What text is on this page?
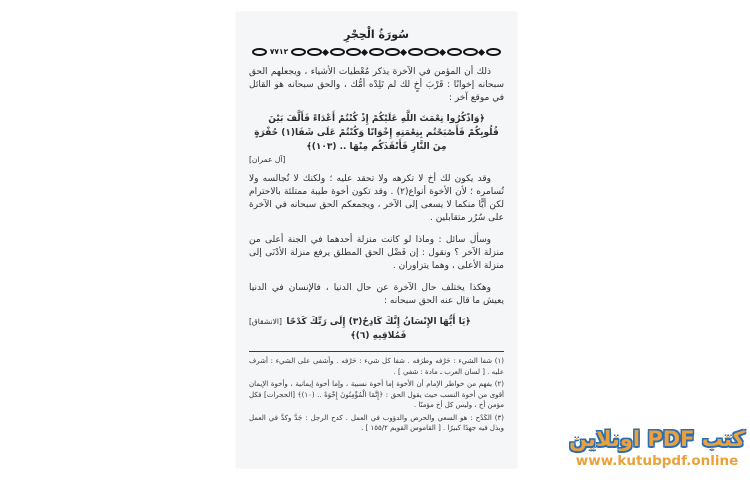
سُورَةُ الْحِجْرِ
٧٧١٢
ذلك أن المؤمن في الآخرة يذكر مُعْطيات الأشياء ، ويجعلهم الحق سبحانه إخوانًا : قَرْبَ أخٍ لك لم تَلِدْه أمُّك ، والحق سبحانه هو القائل في موقع آخر :
﴿وَاذْكُرُوا نِعْمَتَ اللَّهِ عَلَيْكُمْ إِذْ كُنْتُمْ أَعْدَاءً فَأَلَّفَ بَيْنَ قُلُوبِكُمْ فَأَصْبَحْتُم بِنِعْمَتِهِ إِخْوَانًا وَكُنْتُمْ عَلَى شَفَا(١) حُفْرَةٍ مِنَ النَّارِ فَأَنْقَذَكُم مِنْهَا .. (١٠٣)﴾
[آل عمران]
وقد يكون لك أخ لا تكرهه ولا تحقد عليه ؛ ولكنك لا تُجالسه ولا تُسامره ؛ لأن الأخوة أنواع(٢) . وقد تكون أخوة طيبة ممتلئة بالاحترام لكن أيًّا منكما لا يسعى إلى الآخر ، ويجمعكم الحق سبحانه في الآخرة على سُرُر متقابلين .
وسأل سائل : وماذا لو كانت منزلة أحدهما في الجنة أعلى من منزلة الآخر ؟ ونقول : إن فَضْل الحق المطلق يرفع منزلة الأدْنَى إلى منزلة الأعلى ، وهما يتزاوران .
وهكذا يختلف حال الآخرة عن حال الدنيا ، فالإنسان في الدنيا يعيش ما قال عنه الحق سبحانه :
﴿يَا أَيُّهَا الإِنْسَانُ إِنَّكَ كَادِحٌ(٣) إِلَى رَبِّكَ كَدْحًا فَمُلاقِيهِ (٦)﴾
[الانشقاق]
(١) شفا الشيء : حَرْفه وطرَفه . شفا كل شيء : حَرْفه . وأشفى على الشيء : أشرف عليه . [ لسان العرب ـ مادة : شفي ] .
(٢) يفهم من خواطر الإمام أن الأخوة إما أخوة نسبية ، وإما أخوة إيمانية ، وأخوة الإيمان أقوى من أخوة النسب حيث يقول الحق : ﴿إِنَّمَا الْمُؤْمِنُونَ إِخْوَةٌ .. (١٠)﴾ [الحجرات] فكل مؤمن أخ ، وليس كل أخ مؤمنًا .
(٣) الكَدْح : هو السعي والحرص والدؤوب في العمل . كدح الرجل : جَدَّ وكدَّ في العمل وبذل فيه جهدًا كبيرًا . [ القاموس القويم ١٥٥/٢ ] .	كتب PDF اونلاين
www.kutubpdf.online
